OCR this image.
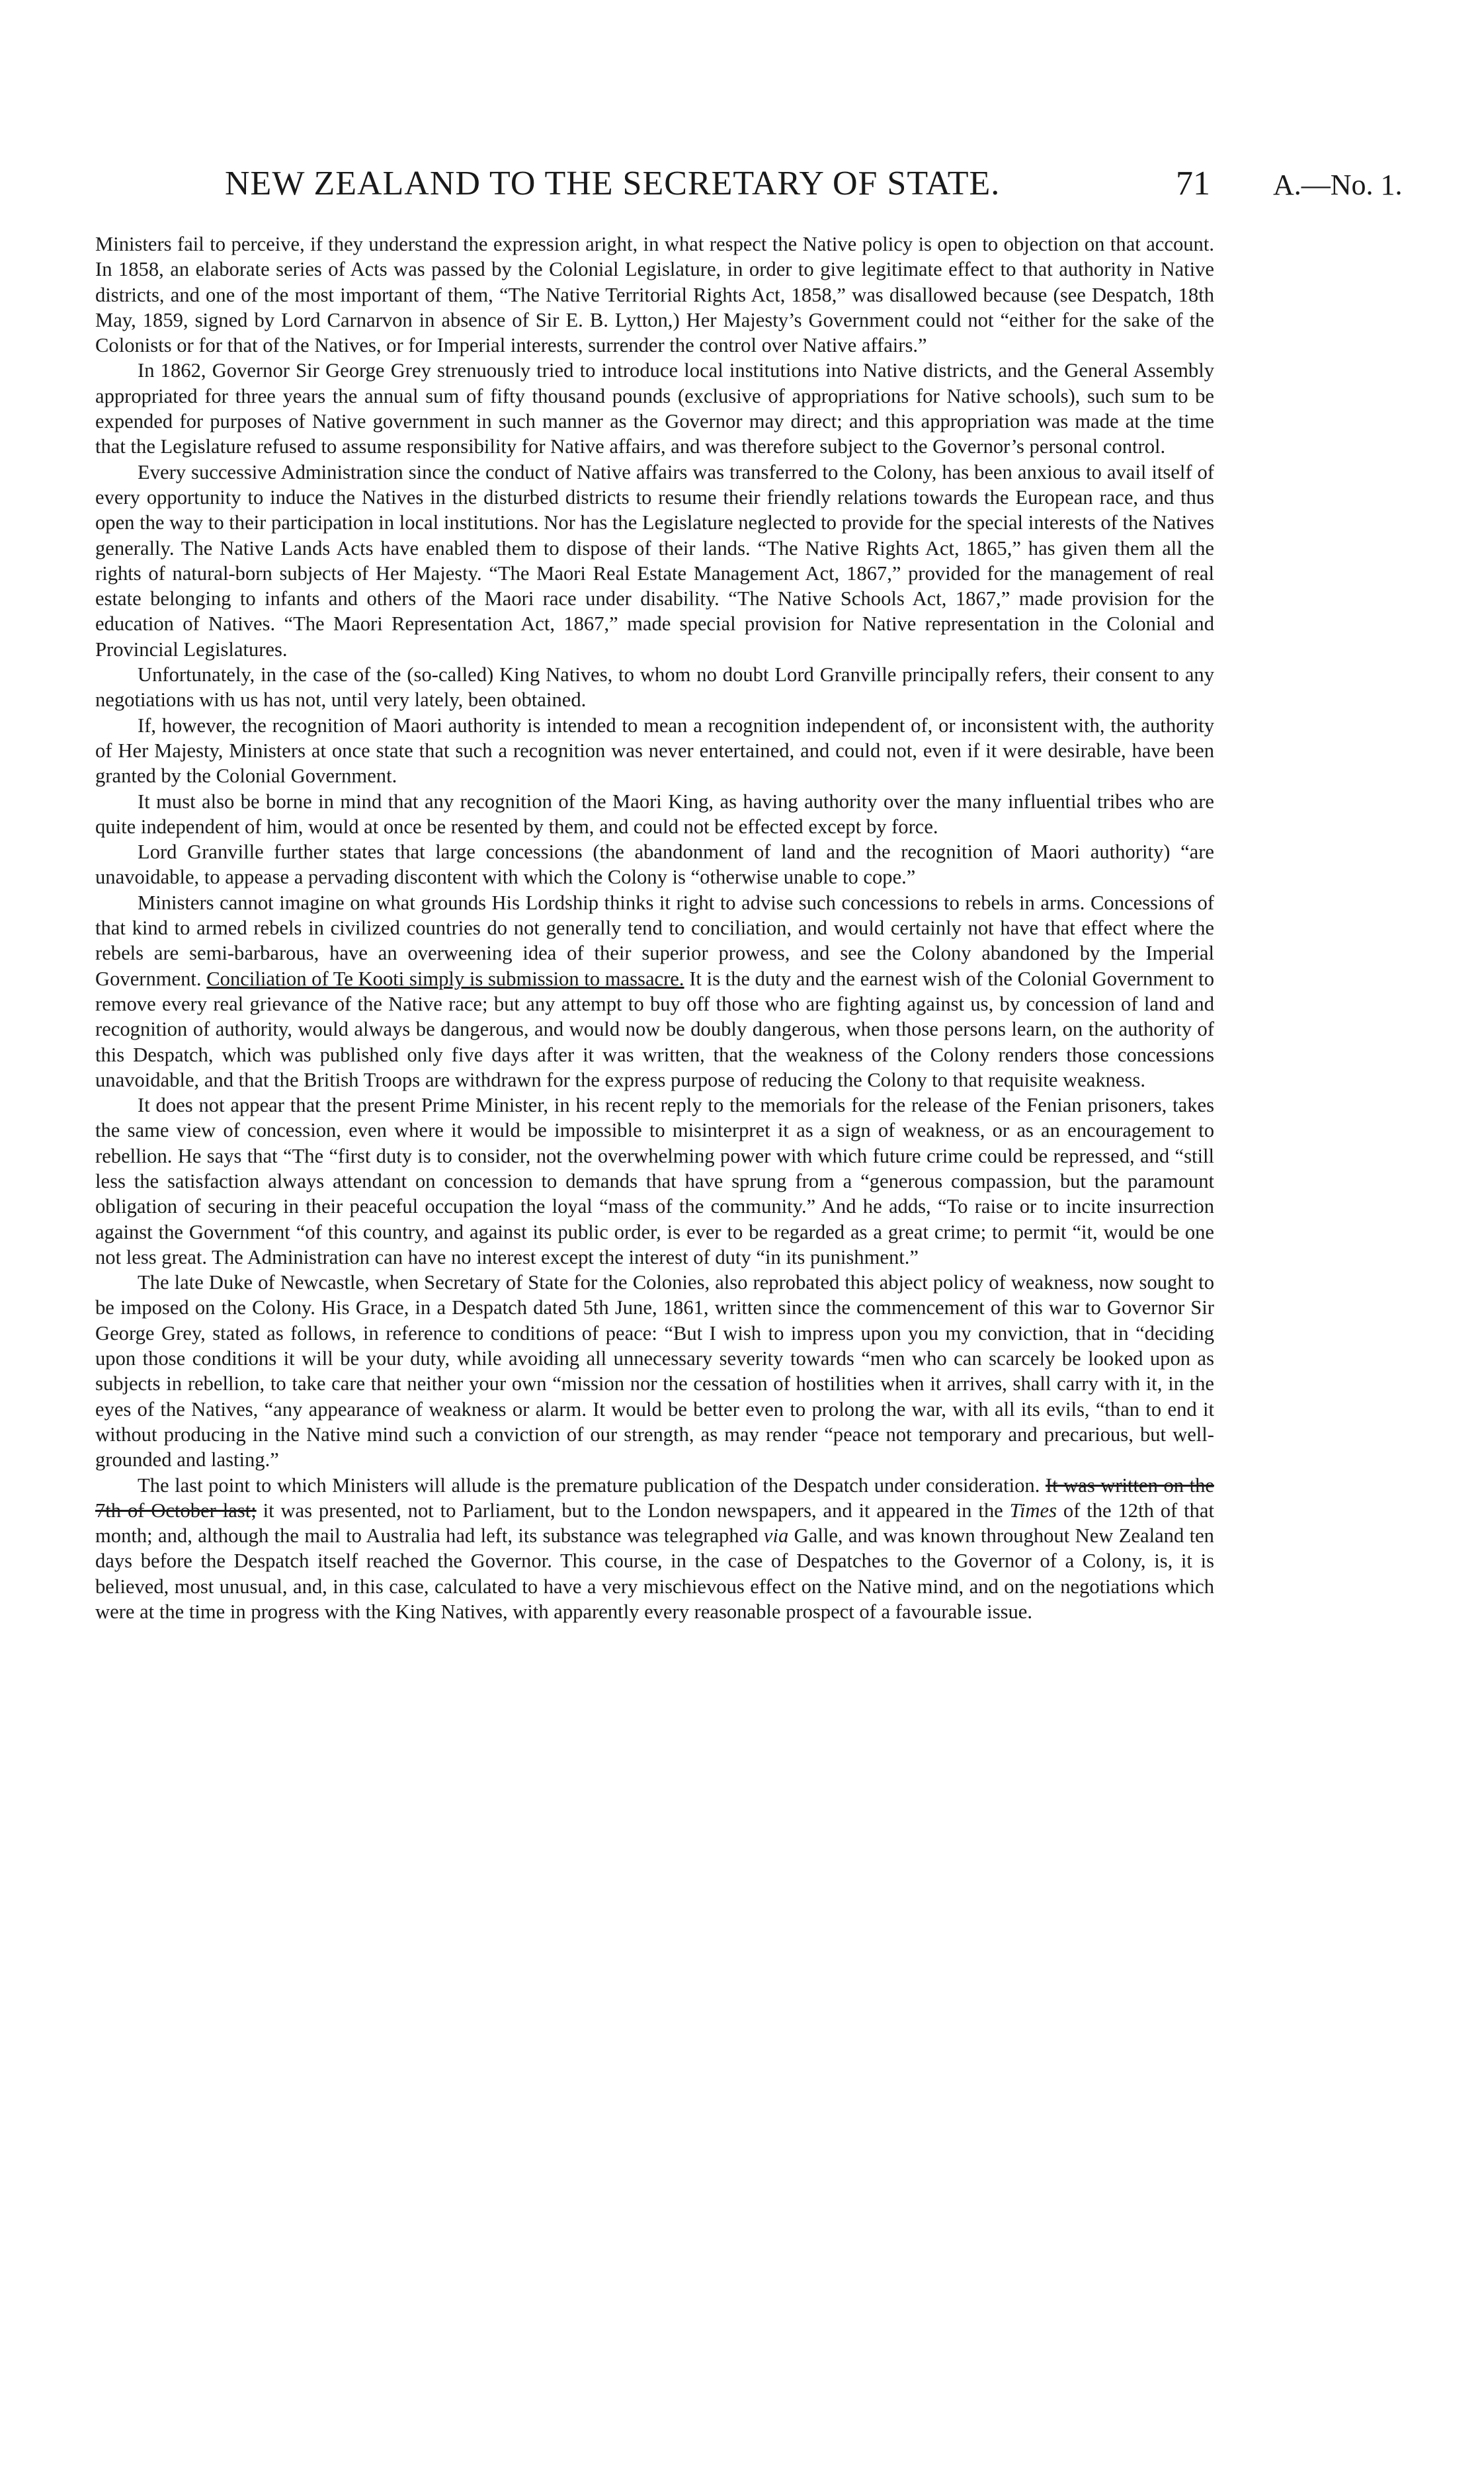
NEW ZEALAND TO THE SECRETARY OF STATE.	71 A.—No. 1.

Ministers fail to perceive, if they understand the expression aright, in what respect the Native policy is open to objection on that account. In 1858, an elaborate series of Acts was passed by the Colonial Legislature, in order to give legitimate effect to that authority in Native districts, and one of the most important of them, “The Native Territorial Rights Act, 1858,” was disallowed because (see Despatch, 18th May, 1859, signed by Lord Carnarvon in absence of Sir E. B. Lytton,) Her Majesty’s Government could not “either for the sake of the Colonists or for that of the Natives, or for Imperial interests, surrender the control over Native affairs.”

In 1862, Governor Sir George Grey strenuously tried to introduce local institutions into Native districts, and the General Assembly appropriated for three years the annual sum of fifty thousand pounds (exclusive of appropriations for Native schools), such sum to be expended for purposes of Native government in such manner as the Governor may direct; and this appropriation was made at the time that the Legislature refused to assume responsibility for Native affairs, and was therefore subject to the Governor’s personal control.

Every successive Administration since the conduct of Native affairs was transferred to the Colony, has been anxious to avail itself of every opportunity to induce the Natives in the disturbed districts to resume their friendly relations towards the European race, and thus open the way to their participation in local institutions. Nor has the Legislature neglected to provide for the special interests of the Natives generally. The Native Lands Acts have enabled them to dispose of their lands. “The Native Rights Act, 1865,” has given them all the rights of natural-born subjects of Her Majesty. “The Maori Real Estate Management Act, 1867,” provided for the management of real estate belonging to infants and others of the Maori race under disability. “The Native Schools Act, 1867,” made provision for the education of Natives. “The Maori Representation Act, 1867,” made special provision for Native representation in the Colonial and Provincial Legislatures.

Unfortunately, in the case of the (so-called) King Natives, to whom no doubt Lord Granville principally refers, their consent to any negotiations with us has not, until very lately, been obtained.

If, however, the recognition of Maori authority is intended to mean a recognition independent of, or inconsistent with, the authority of Her Majesty, Ministers at once state that such a recognition was never entertained, and could not, even if it were desirable, have been granted by the Colonial Government.

It must also be borne in mind that any recognition of the Maori King, as having authority over the many influential tribes who are quite independent of him, would at once be resented by them, and could not be effected except by force.

Lord Granville further states that large concessions (the abandonment of land and the recognition of Maori authority) “are unavoidable, to appease a pervading discontent with which the Colony is “otherwise unable to cope.”

Ministers cannot imagine on what grounds His Lordship thinks it right to advise such concessions to rebels in arms. Concessions of that kind to armed rebels in civilized countries do not generally tend to conciliation, and would certainly not have that effect where the rebels are semi-barbarous, have an overweening idea of their superior prowess, and see the Colony abandoned by the Imperial Government. Conciliation of Te Kooti simply is submission to massacre. It is the duty and the earnest wish of the Colonial Government to remove every real grievance of the Native race; but any attempt to buy off those who are fighting against us, by concession of land and recognition of authority, would always be dangerous, and would now be doubly dangerous, when those persons learn, on the authority of this Despatch, which was published only five days after it was written, that the weakness of the Colony renders those concessions unavoidable, and that the British Troops are withdrawn for the express purpose of reducing the Colony to that requisite weakness.

It does not appear that the present Prime Minister, in his recent reply to the memorials for the release of the Fenian prisoners, takes the same view of concession, even where it would be impossible to misinterpret it as a sign of weakness, or as an encouragement to rebellion. He says that “The “first duty is to consider, not the overwhelming power with which future crime could be repressed, and “still less the satisfaction always attendant on concession to demands that have sprung from a “generous compassion, but the paramount obligation of securing in their peaceful occupation the loyal “mass of the community.” And he adds, “To raise or to incite insurrection against the Government “of this country, and against its public order, is ever to be regarded as a great crime; to permit “it, would be one not less great. The Administration can have no interest except the interest of duty “in its punishment.”

The late Duke of Newcastle, when Secretary of State for the Colonies, also reprobated this abject policy of weakness, now sought to be imposed on the Colony. His Grace, in a Despatch dated 5th June, 1861, written since the commencement of this war to Governor Sir George Grey, stated as follows, in reference to conditions of peace: “But I wish to impress upon you my conviction, that in “deciding upon those conditions it will be your duty, while avoiding all unnecessary severity towards “men who can scarcely be looked upon as subjects in rebellion, to take care that neither your own “mission nor the cessation of hostilities when it arrives, shall carry with it, in the eyes of the Natives, “any appearance of weakness or alarm. It would be better even to prolong the war, with all its evils, “than to end it without producing in the Native mind such a conviction of our strength, as may render “peace not temporary and precarious, but well-grounded and lasting.”

The last point to which Ministers will allude is the premature publication of the Despatch under consideration. It was written on the 7th of October last; it was presented, not to Parliament, but to the London newspapers, and it appeared in the Times of the 12th of that month; and, although the mail to Australia had left, its substance was telegraphed via Galle, and was known throughout New Zealand ten days before the Despatch itself reached the Governor. This course, in the case of Despatches to the Governor of a Colony, is, it is believed, most unusual, and, in this case, calculated to have a very mischievous effect on the Native mind, and on the negotiations which were at the time in progress with the King Natives, with apparently every reasonable prospect of a favourable issue.
